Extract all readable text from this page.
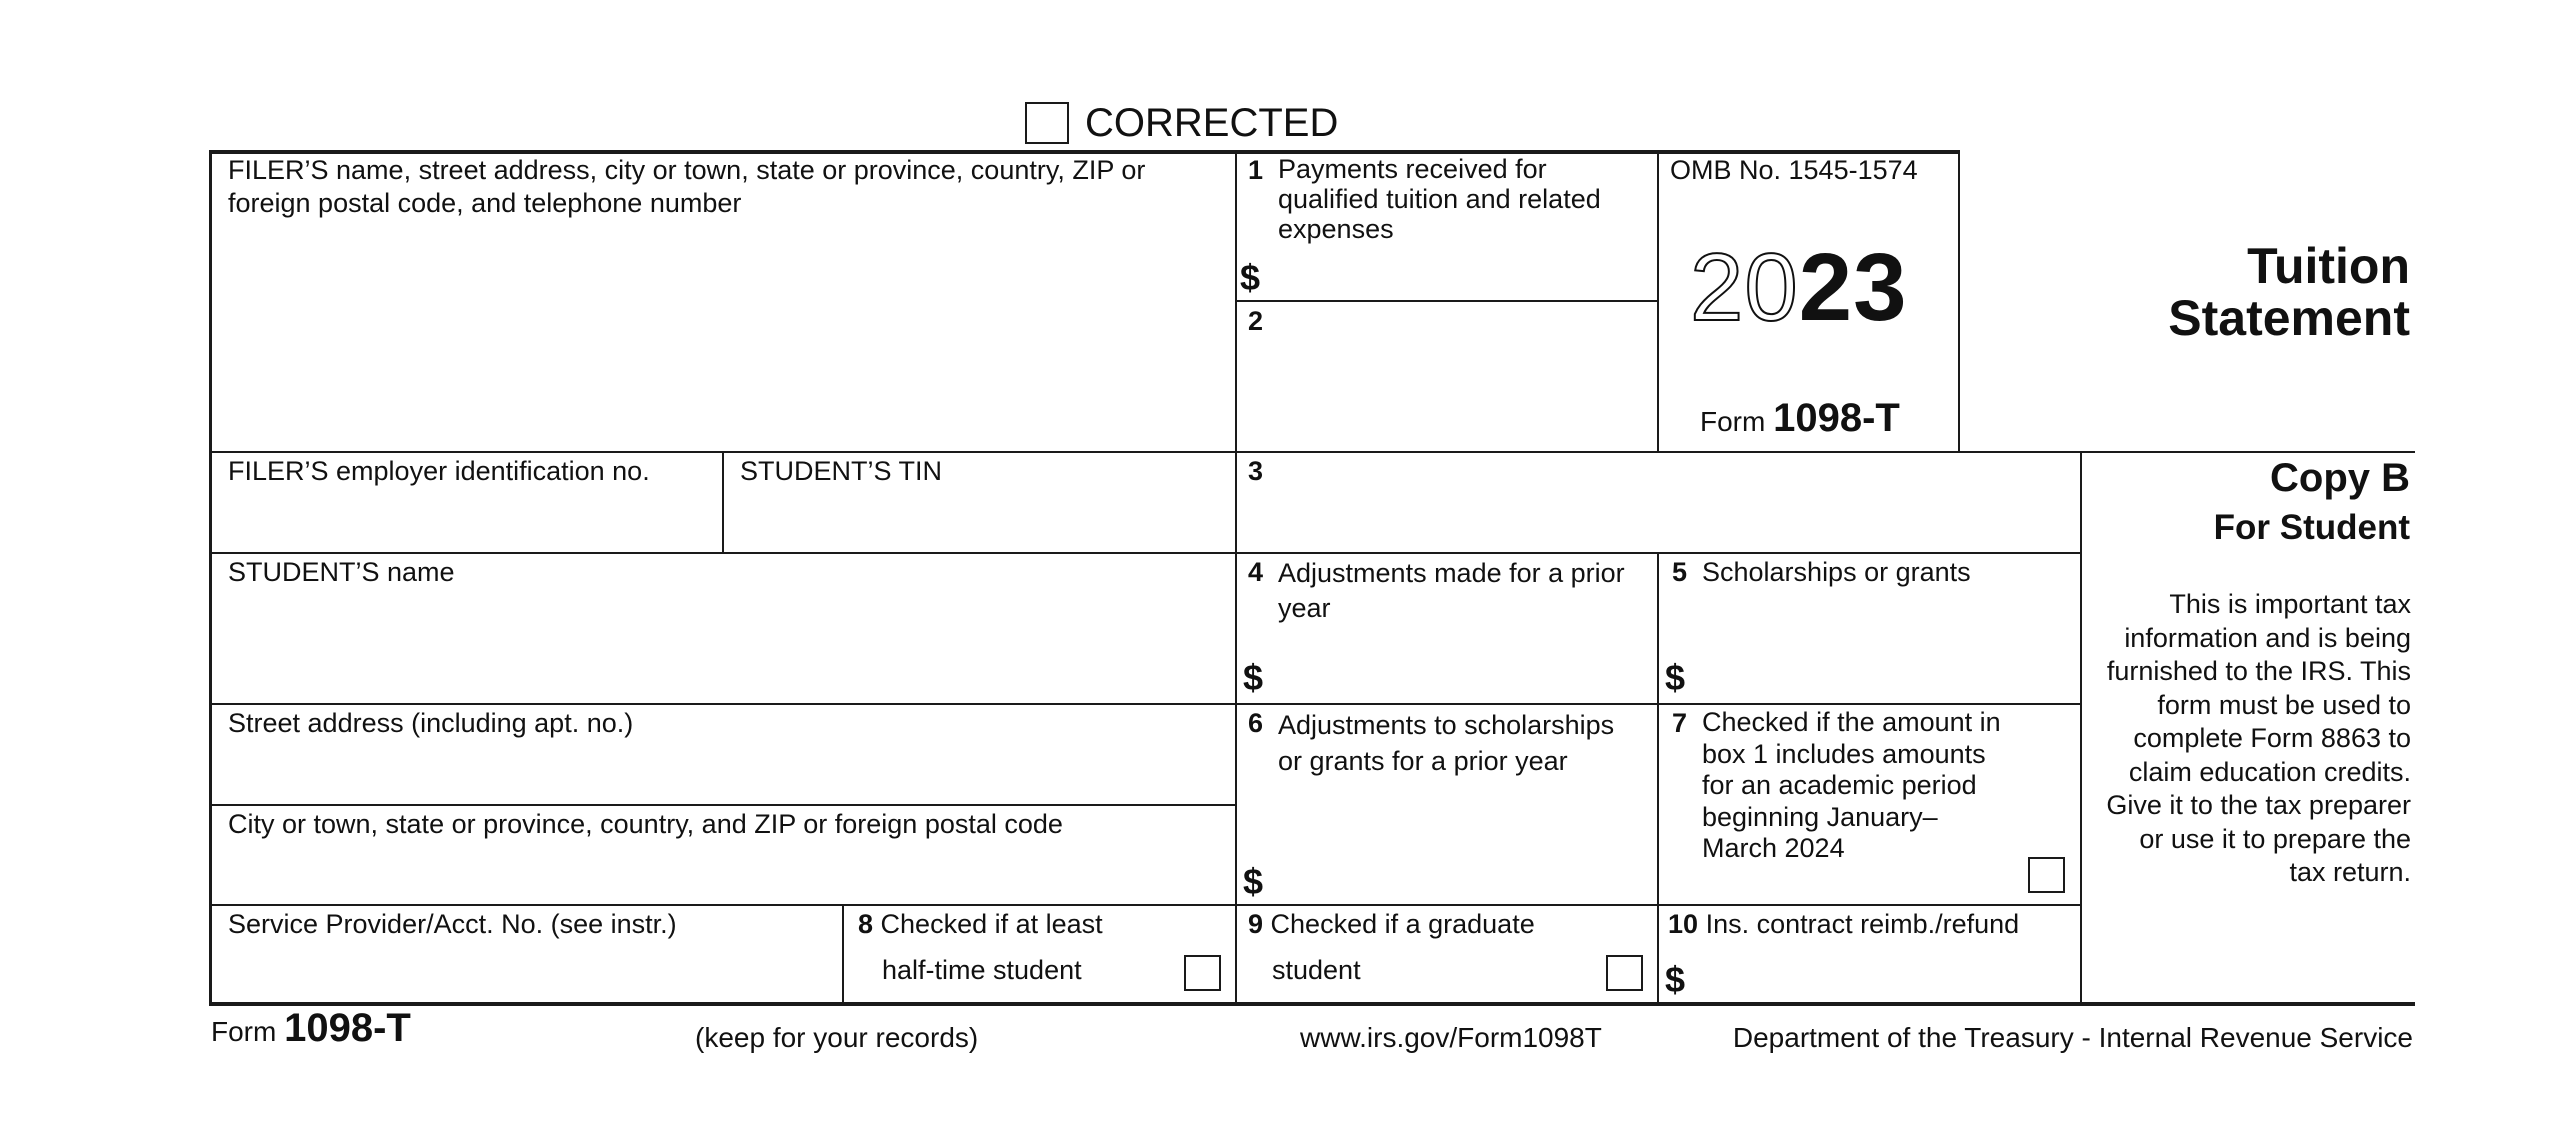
CORRECTED
FILER’S name, street address, city or town, state or province, country, ZIP or foreign postal code, and telephone number
1 Payments received for qualified tuition and related expenses
$
2
OMB No. 1545-1574
2023
Form 1098-T
Tuition
Statement
FILER’S employer identification no.	STUDENT’S TIN	3	Copy B
For Student
This is important tax information and is being furnished to the IRS. This form must be used to complete Form 8863 to claim education credits. Give it to the tax preparer or use it to prepare the tax return.
STUDENT’S name	4 Adjustments made for a prior year
$
5 Scholarships or grants
$
Street address (including apt. no.)
City or town, state or province, country, and ZIP or foreign postal code
6 Adjustments to scholarships or grants for a prior year
$
7 Checked if the amount in box 1 includes amounts for an academic period beginning January–March 2024
Service Provider/Acct. No. (see instr.)	8 Checked if at least
half-time student
9 Checked if a graduate
student
10 Ins. contract reimb./refund
$
Form 1098-T	(keep for your records)	www.irs.gov/Form1098T	Department of the Treasury - Internal Revenue Service
